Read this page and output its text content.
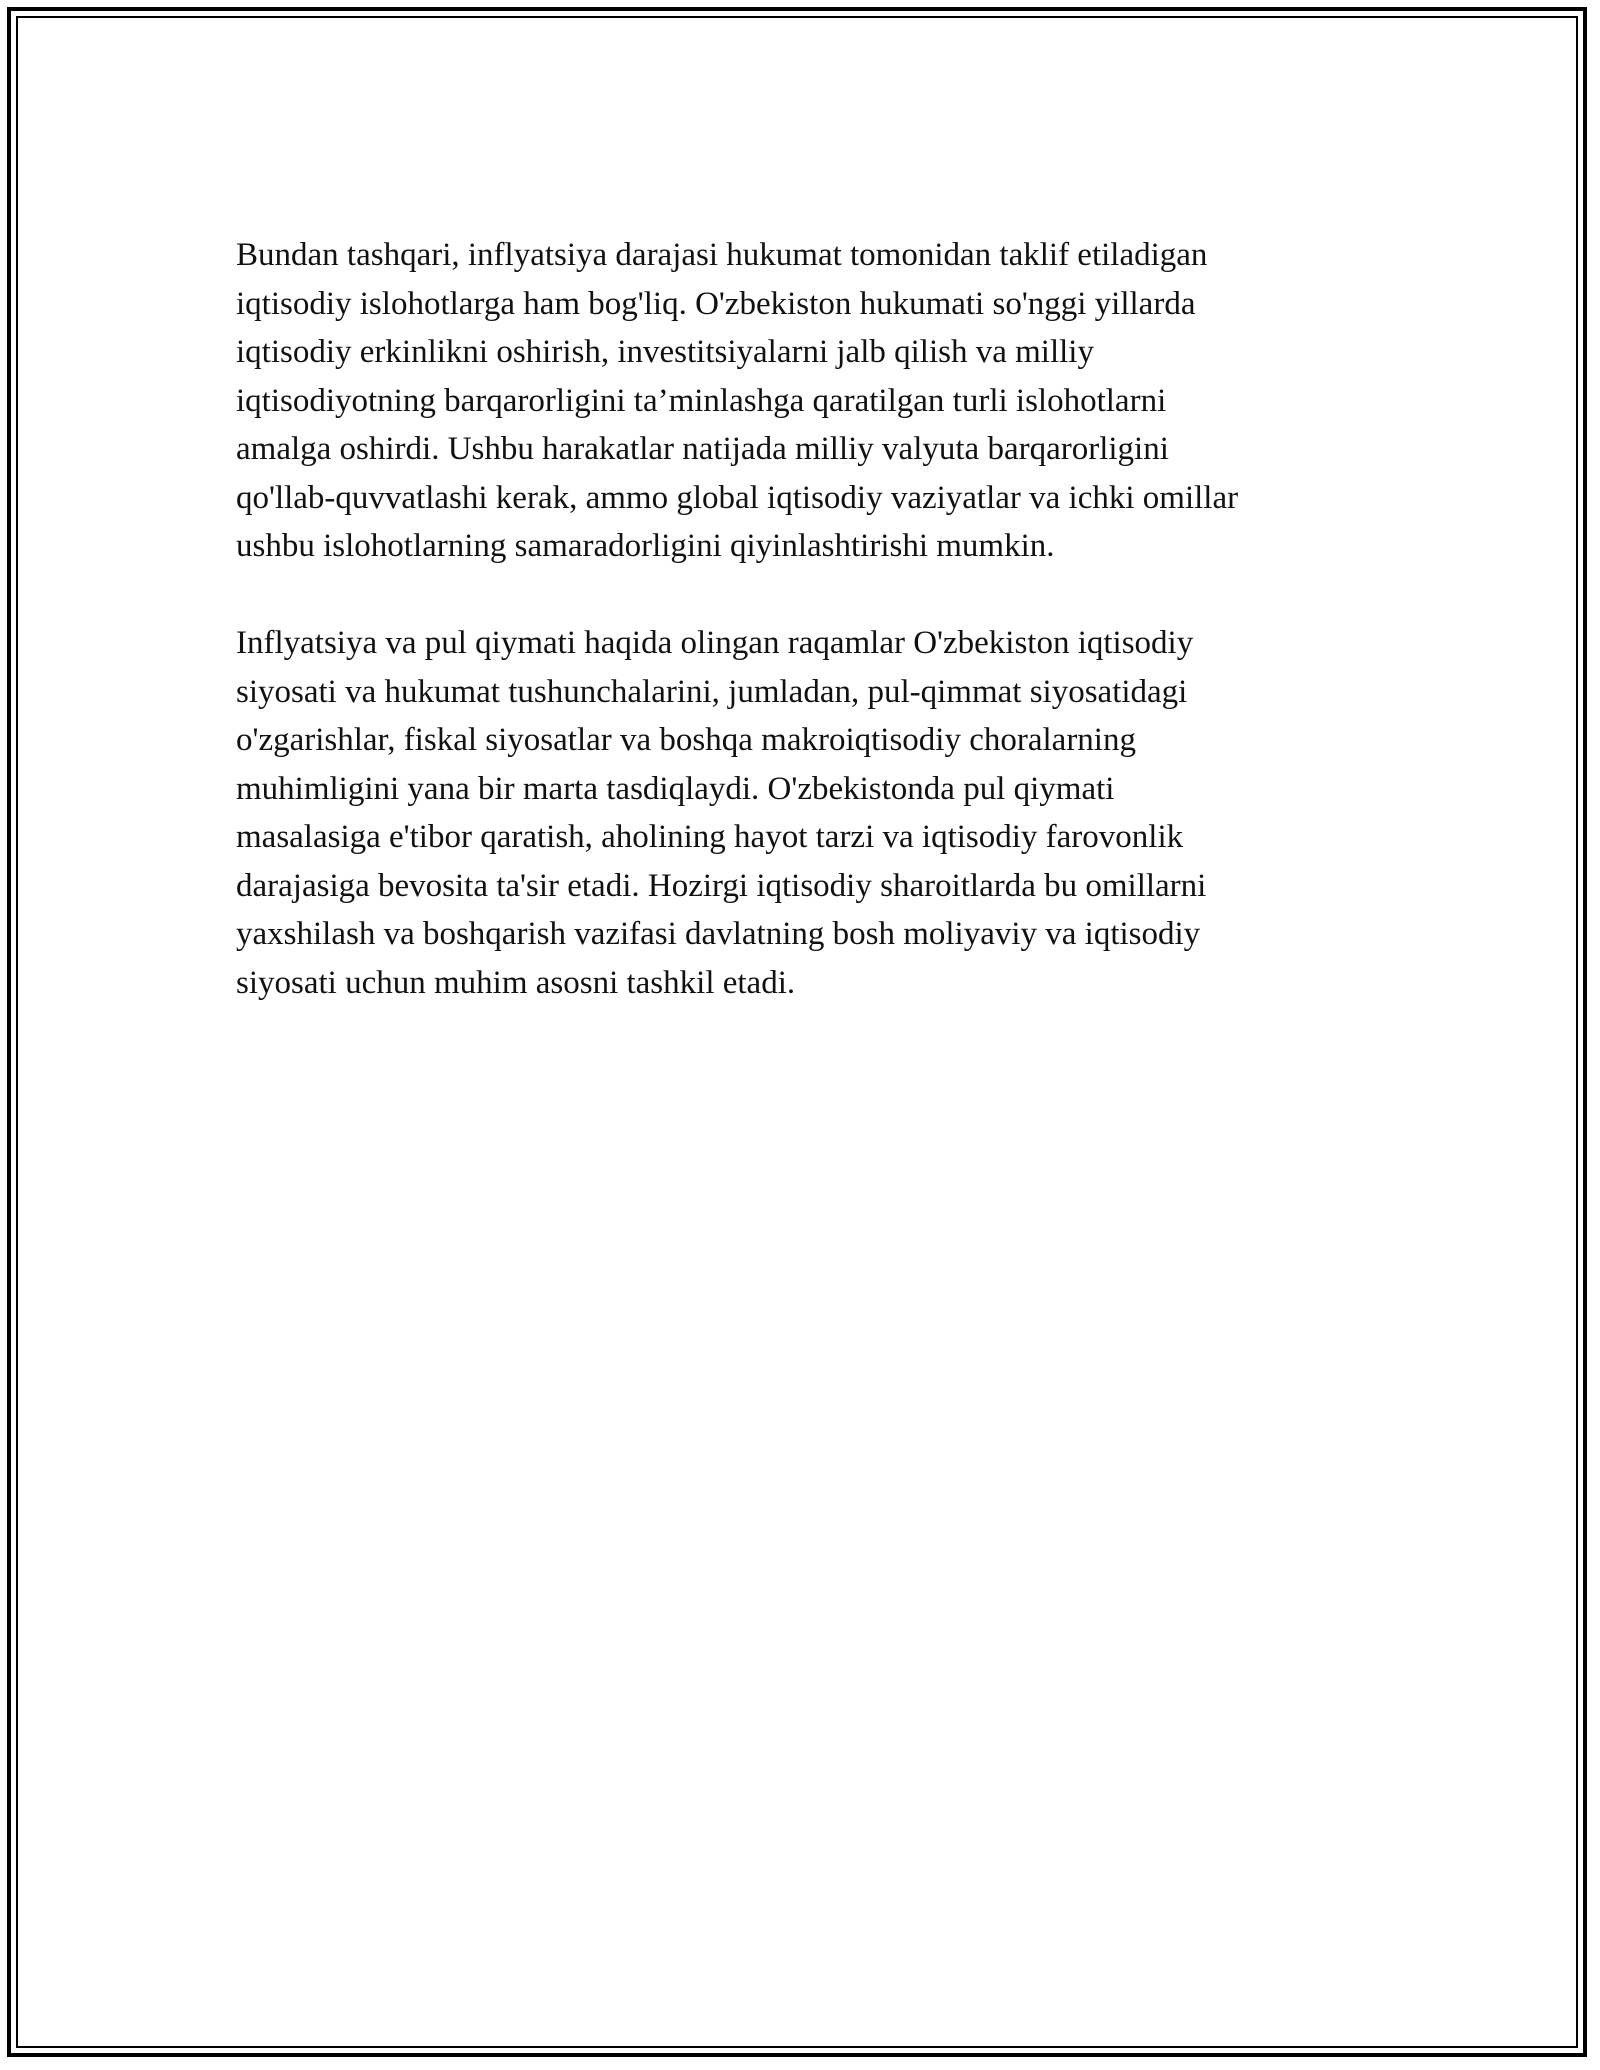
Bundan tashqari, inflyatsiya darajasi hukumat tomonidan taklif etiladigan
iqtisodiy islohotlarga ham bog'liq. O'zbekiston hukumati so'nggi yillarda
iqtisodiy erkinlikni oshirish, investitsiyalarni jalb qilish va milliy
iqtisodiyotning barqarorligini ta’minlashga qaratilgan turli islohotlarni
amalga oshirdi. Ushbu harakatlar natijada milliy valyuta barqarorligini
qo'llab-quvvatlashi kerak, ammo global iqtisodiy vaziyatlar va ichki omillar
ushbu islohotlarning samaradorligini qiyinlashtirishi mumkin.

Inflyatsiya va pul qiymati haqida olingan raqamlar O'zbekiston iqtisodiy
siyosati va hukumat tushunchalarini, jumladan, pul-qimmat siyosatidagi
o'zgarishlar, fiskal siyosatlar va boshqa makroiqtisodiy choralarning
muhimligini yana bir marta tasdiqlaydi. O'zbekistonda pul qiymati
masalasiga e'tibor qaratish, aholining hayot tarzi va iqtisodiy farovonlik
darajasiga bevosita ta'sir etadi. Hozirgi iqtisodiy sharoitlarda bu omillarni
yaxshilash va boshqarish vazifasi davlatning bosh moliyaviy va iqtisodiy
siyosati uchun muhim asosni tashkil etadi.
